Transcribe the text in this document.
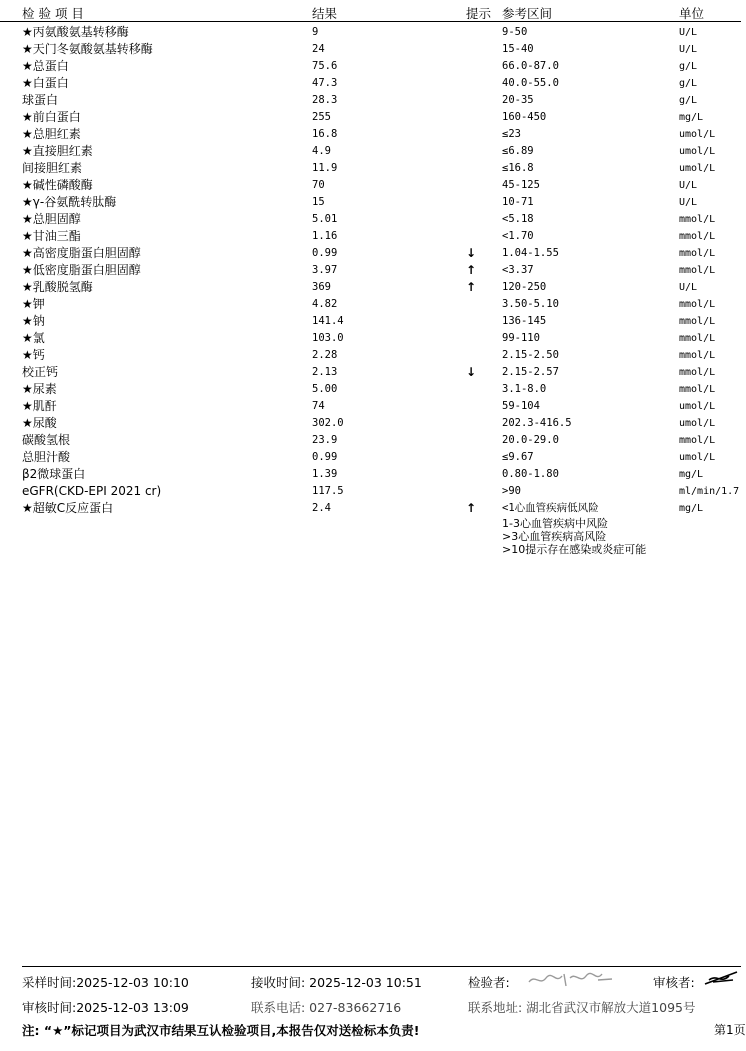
检 验 项 目	结果	提示 参考区间	单位
★丙氨酸氨基转移酶	9	9-50	U/L
★天门冬氨酸氨基转移酶	24	15-40	U/L
★总蛋白	75.6	66.0-87.0	g/L
★白蛋白	47.3	40.0-55.0	g/L
球蛋白	28.3	20-35	g/L
★前白蛋白	255	160-450	mg/L
★总胆红素	16.8	≤23	umol/L
★直接胆红素	4.9	≤6.89	umol/L
间接胆红素	11.9	≤16.8	umol/L
★碱性磷酸酶	70	45-125	U/L
★γ-谷氨酰转肽酶	15	10-71	U/L
★总胆固醇	5.01	<5.18	mmol/L
★甘油三酯	1.16	<1.70	mmol/L
★高密度脂蛋白胆固醇	0.99	↓ 1.04-1.55	mmol/L
★低密度脂蛋白胆固醇	3.97	↑ <3.37	mmol/L
★乳酸脱氢酶	369	↑ 120-250	U/L
★钾	4.82	3.50-5.10	mmol/L
★钠	141.4	136-145	mmol/L
★氯	103.0	99-110	mmol/L
★钙	2.28	2.15-2.50	mmol/L
校正钙	2.13	↓ 2.15-2.57	mmol/L
★尿素	5.00	3.1-8.0	mmol/L
★肌酐	74	59-104	umol/L
★尿酸	302.0	202.3-416.5	umol/L
碳酸氢根	23.9	20.0-29.0	mmol/L
总胆汁酸	0.99	≤9.67	umol/L
β2微球蛋白	1.39	0.80-1.80	mg/L
eGFR(CKD-EPI 2021 cr)	117.5	>90	ml/min/1.7
★超敏C反应蛋白	2.4	↑ <1心血管疾病低风险	mg/L
1-3心血管疾病中风险
>3心血管疾病高风险
>10提示存在感染或炎症可能
采样时间:2025-12-03 10:10	接收时间: 2025-12-03 10:51	检验者:	审核者:
审核时间:2025-12-03 13:09	联系电话: 027-83662716	联系地址: 湖北省武汉市解放大道1095号
注: “★”标记项目为武汉市结果互认检验项目,本报告仅对送检标本负责!	第1页
